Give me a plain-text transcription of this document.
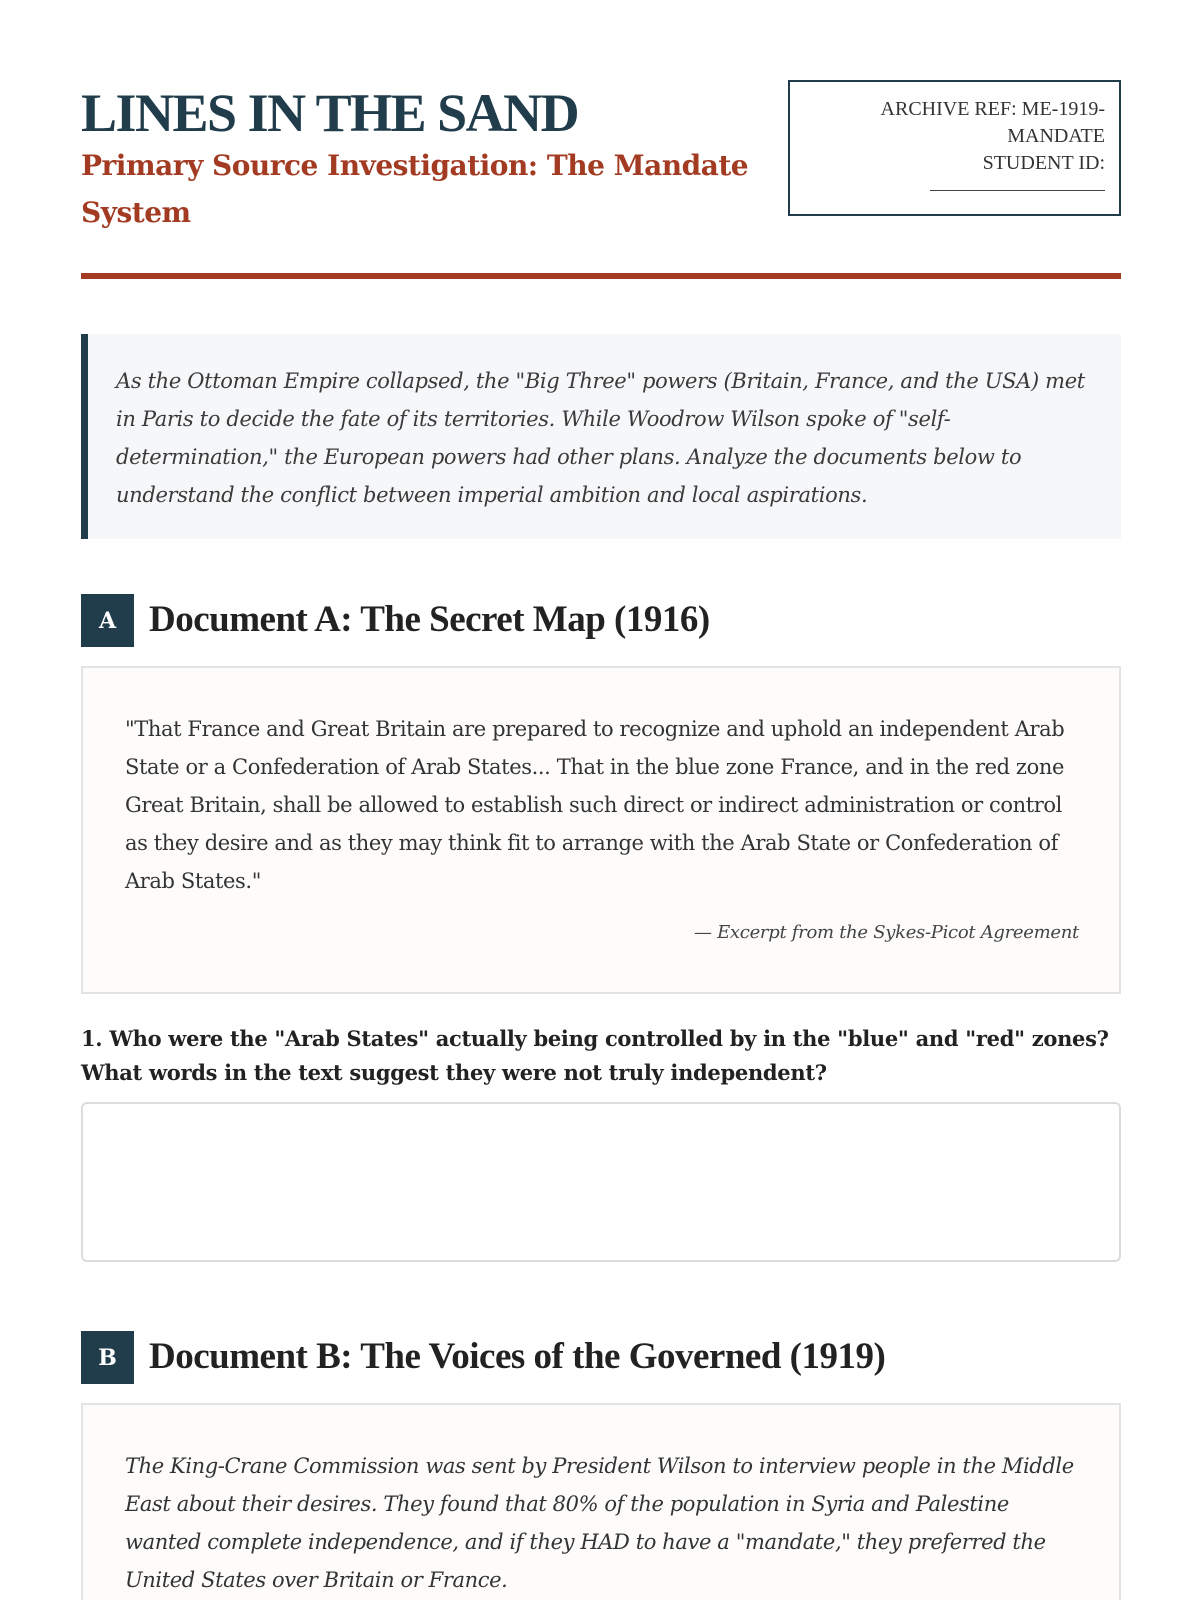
LINES IN THE SAND
Primary Source Investigation: The Mandate System
ARCHIVE REF: ME-1919-MANDATE
STUDENT ID:

As the Ottoman Empire collapsed, the "Big Three" powers (Britain, France, and the USA) met in Paris to decide the fate of its territories. While Woodrow Wilson spoke of "self-determination," the European powers had other plans. Analyze the documents below to understand the conflict between imperial ambition and local aspirations.

A Document A: The Secret Map (1916)

"That France and Great Britain are prepared to recognize and uphold an independent Arab State or a Confederation of Arab States... That in the blue zone France, and in the red zone Great Britain, shall be allowed to establish such direct or indirect administration or control as they desire and as they may think fit to arrange with the Arab State or Confederation of Arab States."

— Excerpt from the Sykes-Picot Agreement

1. Who were the "Arab States" actually being controlled by in the "blue" and "red" zones? What words in the text suggest they were not truly independent?

B Document B: The Voices of the Governed (1919)

The King-Crane Commission was sent by President Wilson to interview people in the Middle East about their desires. They found that 80% of the population in Syria and Palestine wanted complete independence, and if they HAD to have a "mandate," they preferred the United States over Britain or France.
